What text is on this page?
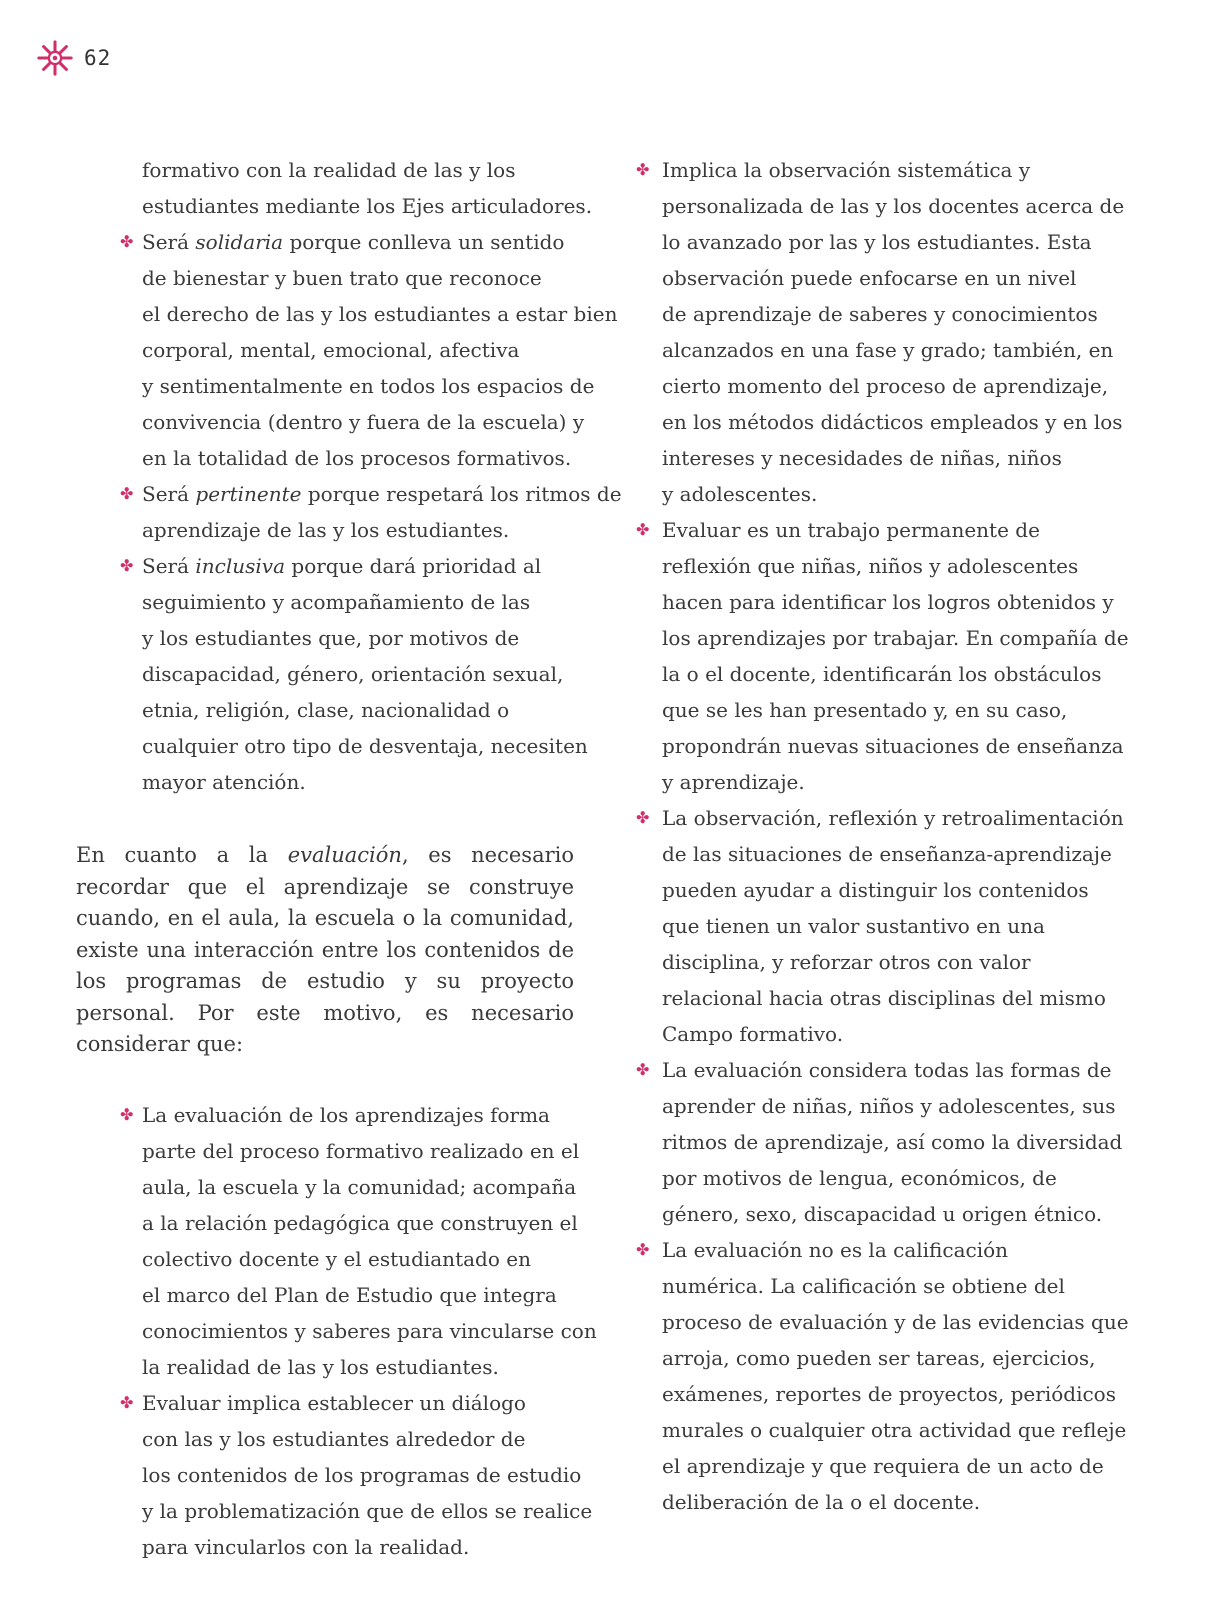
62
formativo con la realidad de las y los
estudiantes mediante los Ejes articuladores.
✤ Será solidaria porque conlleva un sentido
de bienestar y buen trato que reconoce
el derecho de las y los estudiantes a estar bien
corporal, mental, emocional, afectiva
y sentimentalmente en todos los espacios de
convivencia (dentro y fuera de la escuela) y
en la totalidad de los procesos formativos.
✤ Será pertinente porque respetará los ritmos de
aprendizaje de las y los estudiantes.
✤ Será inclusiva porque dará prioridad al
seguimiento y acompañamiento de las
y los estudiantes que, por motivos de
discapacidad, género, orientación sexual,
etnia, religión, clase, nacionalidad o
cualquier otro tipo de desventaja, necesiten
mayor atención.

En cuanto a la evaluación, es necesario recordar que el aprendizaje se construye cuando, en el aula, la escuela o la comunidad, existe una interacción entre los contenidos de los programas de estudio y su proyecto personal. Por este motivo, es necesario considerar que:

✤ La evaluación de los aprendizajes forma
parte del proceso formativo realizado en el
aula, la escuela y la comunidad; acompaña
a la relación pedagógica que construyen el
colectivo docente y el estudiantado en
el marco del Plan de Estudio que integra
conocimientos y saberes para vincularse con
la realidad de las y los estudiantes.
✤ Evaluar implica establecer un diálogo
con las y los estudiantes alrededor de
los contenidos de los programas de estudio
y la problematización que de ellos se realice
para vincularlos con la realidad.
✤ Implica la observación sistemática y
personalizada de las y los docentes acerca de
lo avanzado por las y los estudiantes. Esta
observación puede enfocarse en un nivel
de aprendizaje de saberes y conocimientos
alcanzados en una fase y grado; también, en
cierto momento del proceso de aprendizaje,
en los métodos didácticos empleados y en los
intereses y necesidades de niñas, niños
y adolescentes.
✤ Evaluar es un trabajo permanente de
reflexión que niñas, niños y adolescentes
hacen para identificar los logros obtenidos y
los aprendizajes por trabajar. En compañía de
la o el docente, identificarán los obstáculos
que se les han presentado y, en su caso,
propondrán nuevas situaciones de enseñanza
y aprendizaje.
✤ La observación, reflexión y retroalimentación
de las situaciones de enseñanza-aprendizaje
pueden ayudar a distinguir los contenidos
que tienen un valor sustantivo en una
disciplina, y reforzar otros con valor
relacional hacia otras disciplinas del mismo
Campo formativo.
✤ La evaluación considera todas las formas de
aprender de niñas, niños y adolescentes, sus
ritmos de aprendizaje, así como la diversidad
por motivos de lengua, económicos, de
género, sexo, discapacidad u origen étnico.
✤ La evaluación no es la calificación
numérica. La calificación se obtiene del
proceso de evaluación y de las evidencias que
arroja, como pueden ser tareas, ejercicios,
exámenes, reportes de proyectos, periódicos
murales o cualquier otra actividad que refleje
el aprendizaje y que requiera de un acto de
deliberación de la o el docente.
